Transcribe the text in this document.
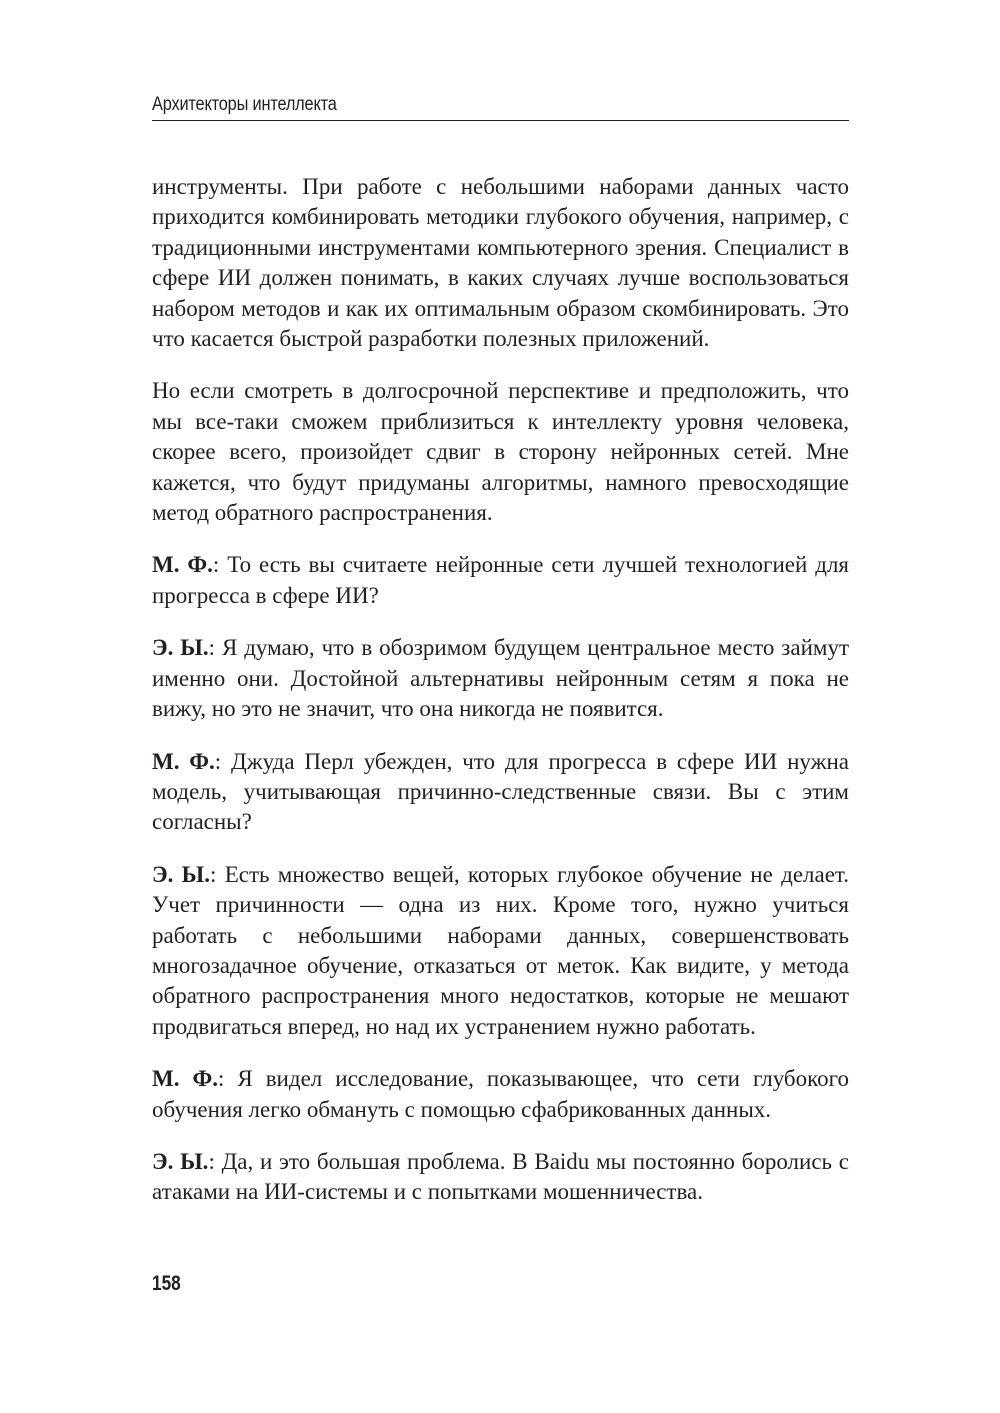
Архитекторы интеллекта

инструменты. При работе с небольшими наборами данных часто приходится комбинировать методики глубокого обучения, например, с традиционными инструментами компьютерного зрения. Специалист в сфере ИИ должен понимать, в каких случаях лучше воспользоваться набором методов и как их оптимальным образом скомбинировать. Это что касается быстрой разработки полезных приложений.

Но если смотреть в долгосрочной перспективе и предположить, что мы все-таки сможем приблизиться к интеллекту уровня человека, скорее всего, произойдет сдвиг в сторону нейронных сетей. Мне кажется, что будут придуманы алгоритмы, намного превосходящие метод обратного распространения.

М. Ф.: То есть вы считаете нейронные сети лучшей технологией для прогресса в сфере ИИ?

Э. Ы.: Я думаю, что в обозримом будущем центральное место займут именно они. Достойной альтернативы нейронным сетям я пока не вижу, но это не значит, что она никогда не появится.

М. Ф.: Джуда Перл убежден, что для прогресса в сфере ИИ нужна модель, учитывающая причинно-следственные связи. Вы с этим согласны?

Э. Ы.: Есть множество вещей, которых глубокое обучение не делает. Учет причинности — одна из них. Кроме того, нужно учиться работать с небольшими наборами данных, совершенствовать многозадачное обучение, отказаться от меток. Как видите, у метода обратного распространения много недостатков, которые не мешают продвигаться вперед, но над их устранением нужно работать.

М. Ф.: Я видел исследование, показывающее, что сети глубокого обучения легко обмануть с помощью сфабрикованных данных.

Э. Ы.: Да, и это большая проблема. В Baidu мы постоянно боролись с атаками на ИИ-системы и с попытками мошенничества.

158
